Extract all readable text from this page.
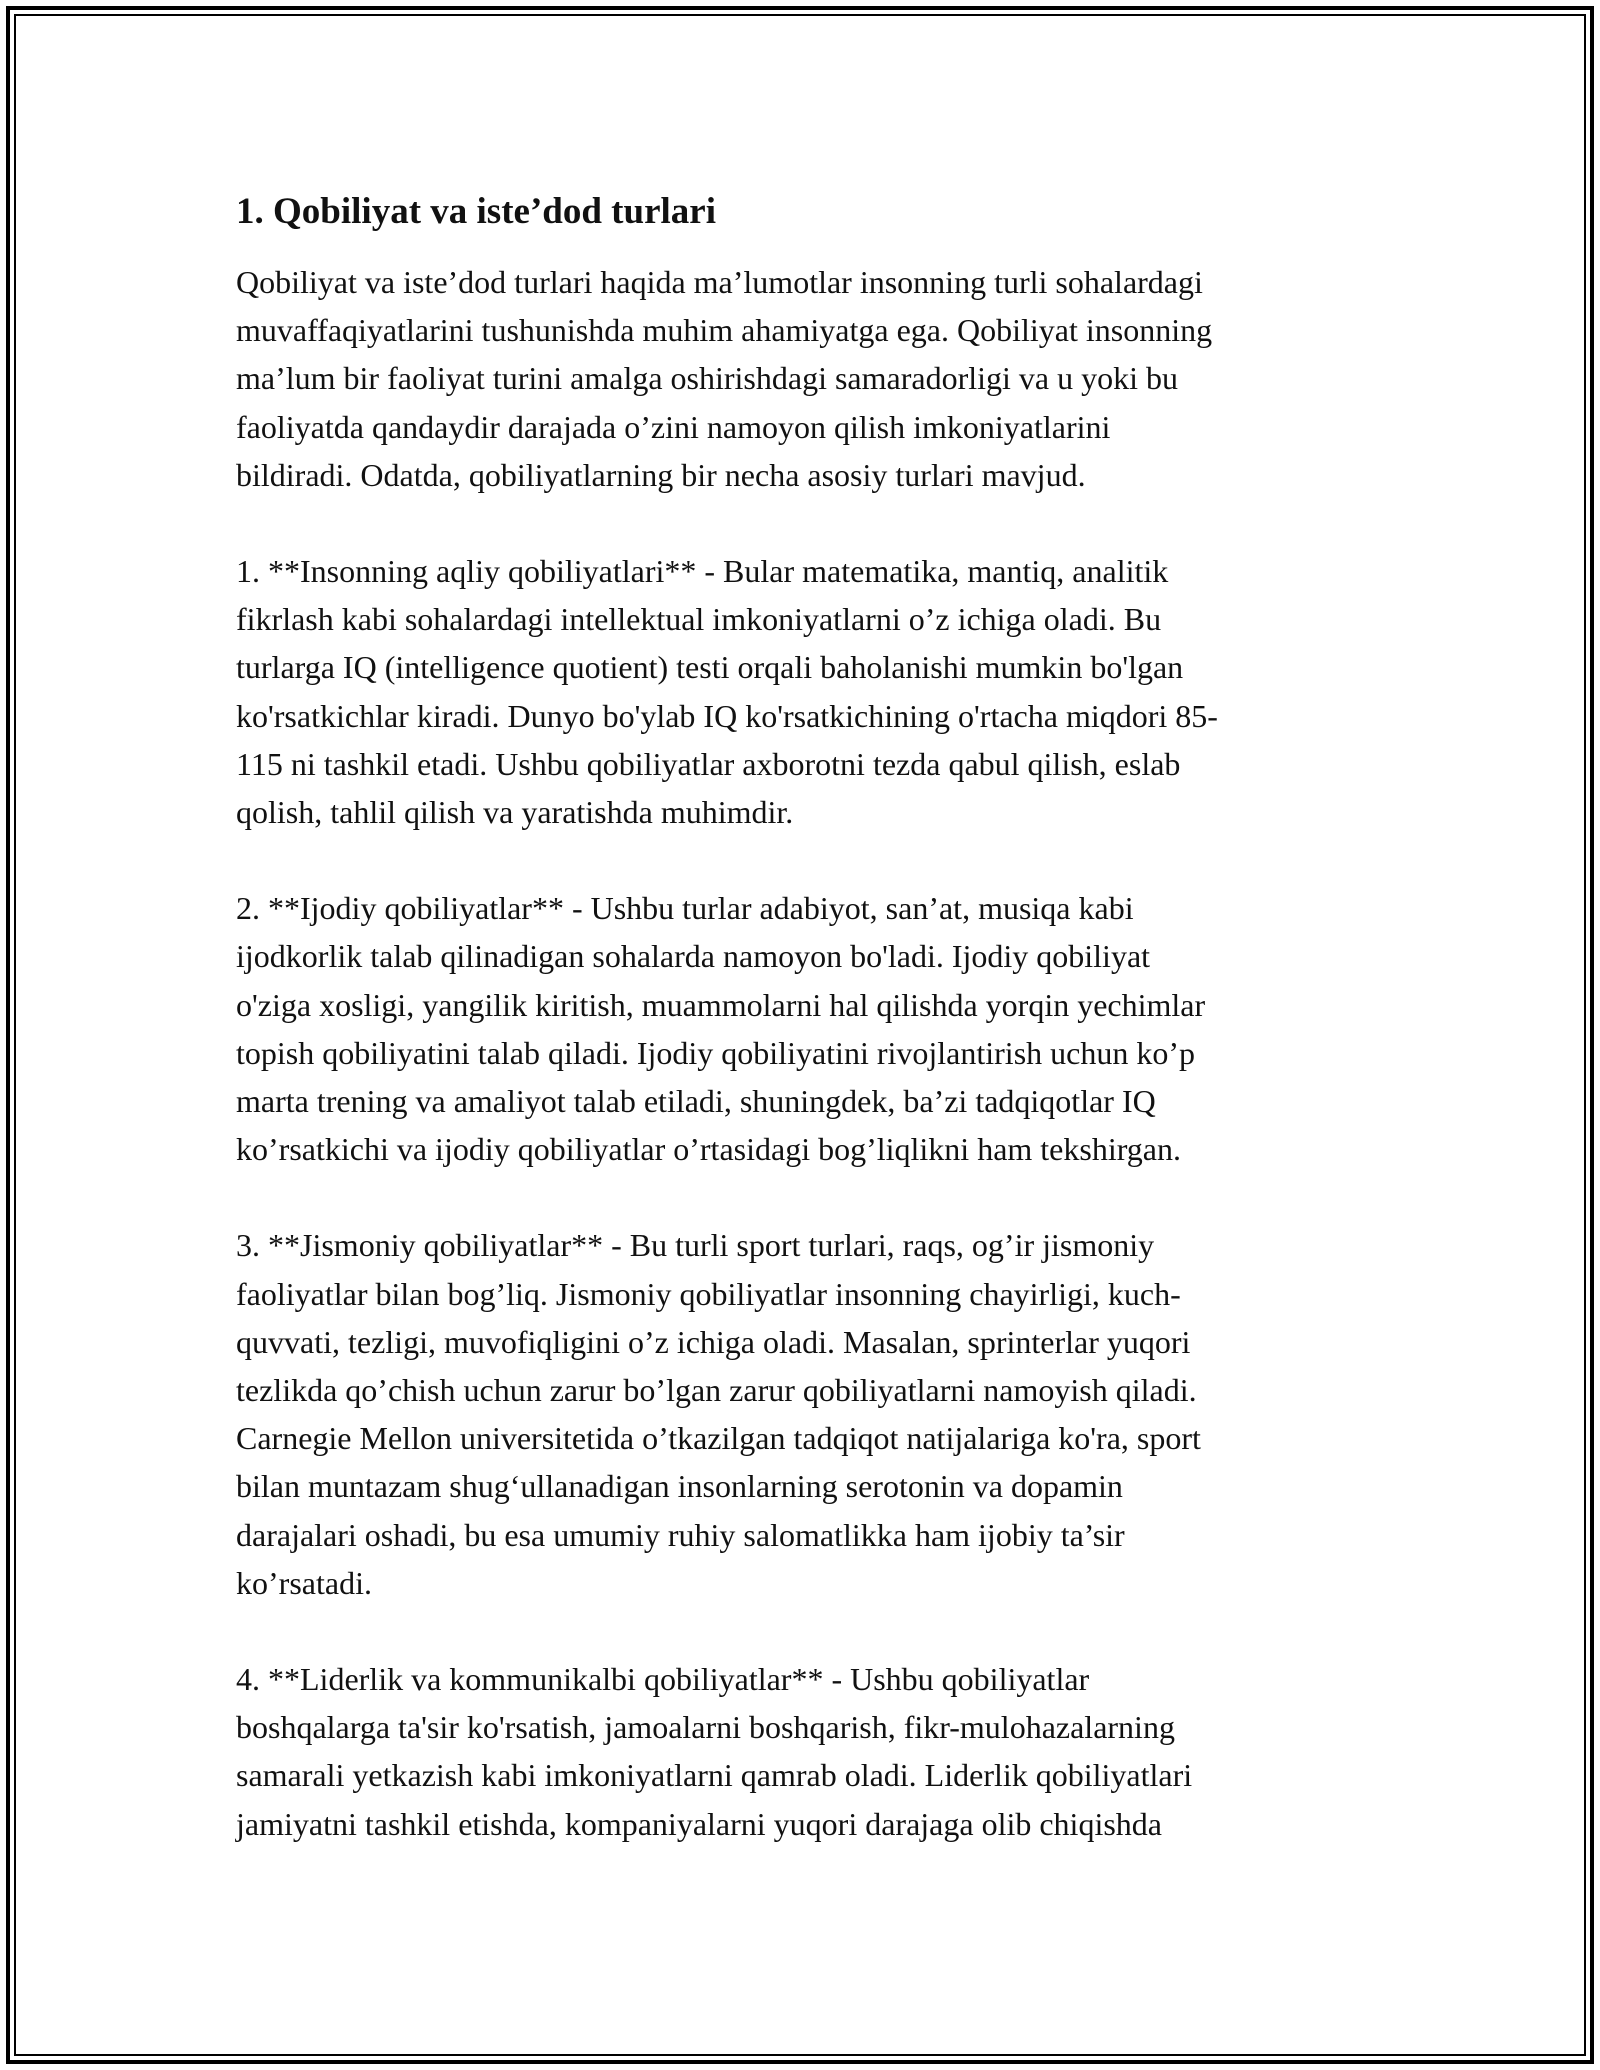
1. Qobiliyat va iste’dod turlari

Qobiliyat va iste’dod turlari haqida ma’lumotlar insonning turli sohalardagi
muvaffaqiyatlarini tushunishda muhim ahamiyatga ega. Qobiliyat insonning
ma’lum bir faoliyat turini amalga oshirishdagi samaradorligi va u yoki bu
faoliyatda qandaydir darajada o’zini namoyon qilish imkoniyatlarini
bildiradi. Odatda, qobiliyatlarning bir necha asosiy turlari mavjud.

1. **Insonning aqliy qobiliyatlari** - Bular matematika, mantiq, analitik
fikrlash kabi sohalardagi intellektual imkoniyatlarni o’z ichiga oladi. Bu
turlarga IQ (intelligence quotient) testi orqali baholanishi mumkin bo'lgan
ko'rsatkichlar kiradi. Dunyo bo'ylab IQ ko'rsatkichining o'rtacha miqdori 85-
115 ni tashkil etadi. Ushbu qobiliyatlar axborotni tezda qabul qilish, eslab
qolish, tahlil qilish va yaratishda muhimdir.

2. **Ijodiy qobiliyatlar** - Ushbu turlar adabiyot, san’at, musiqa kabi
ijodkorlik talab qilinadigan sohalarda namoyon bo'ladi. Ijodiy qobiliyat
o'ziga xosligi, yangilik kiritish, muammolarni hal qilishda yorqin yechimlar
topish qobiliyatini talab qiladi. Ijodiy qobiliyatini rivojlantirish uchun ko’p
marta trening va amaliyot talab etiladi, shuningdek, ba’zi tadqiqotlar IQ
ko’rsatkichi va ijodiy qobiliyatlar o’rtasidagi bog’liqlikni ham tekshirgan.

3. **Jismoniy qobiliyatlar** - Bu turli sport turlari, raqs, og’ir jismoniy
faoliyatlar bilan bog’liq. Jismoniy qobiliyatlar insonning chayirligi, kuch-
quvvati, tezligi, muvofiqligini o’z ichiga oladi. Masalan, sprinterlar yuqori
tezlikda qo’chish uchun zarur bo’lgan zarur qobiliyatlarni namoyish qiladi.
Carnegie Mellon universitetida o’tkazilgan tadqiqot natijalariga ko'ra, sport
bilan muntazam shug‘ullanadigan insonlarning serotonin va dopamin
darajalari oshadi, bu esa umumiy ruhiy salomatlikka ham ijobiy ta’sir
ko’rsatadi.

4. **Liderlik va kommunikalbi qobiliyatlar** - Ushbu qobiliyatlar
boshqalarga ta'sir ko'rsatish, jamoalarni boshqarish, fikr-mulohazalarning
samarali yetkazish kabi imkoniyatlarni qamrab oladi. Liderlik qobiliyatlari
jamiyatni tashkil etishda, kompaniyalarni yuqori darajaga olib chiqishda
